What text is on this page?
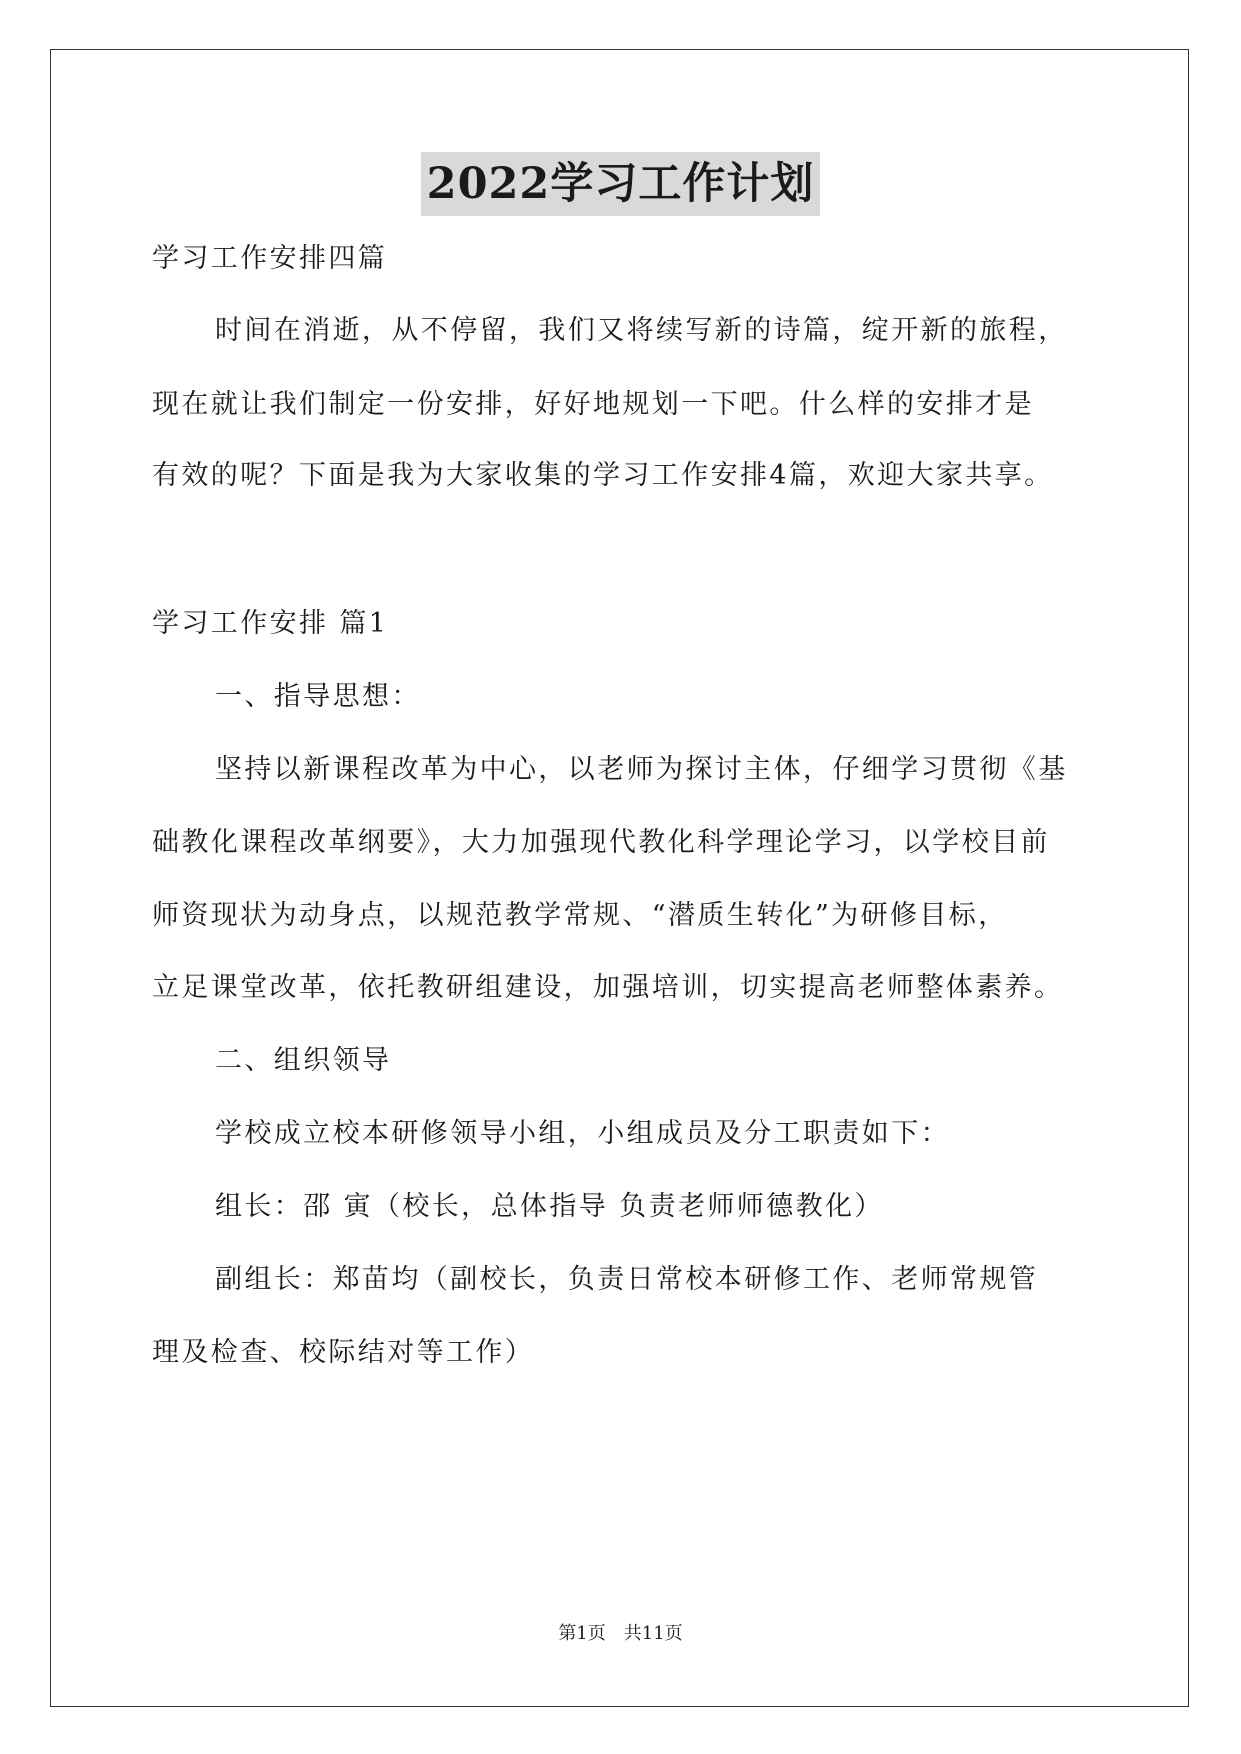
2022学习工作计划
学习工作安排四篇
时间在消逝，从不停留，我们又将续写新的诗篇，绽开新的旅程，
现在就让我们制定一份安排，好好地规划一下吧。什么样的安排才是
有效的呢？下面是我为大家收集的学习工作安排4篇，欢迎大家共享。
学习工作安排 篇1
一、指导思想：
坚持以新课程改革为中心，以老师为探讨主体，仔细学习贯彻《基
础教化课程改革纲要》，大力加强现代教化科学理论学习，以学校目前
师资现状为动身点，以规范教学常规、“潜质生转化”为研修目标，
立足课堂改革，依托教研组建设，加强培训，切实提高老师整体素养。
二、组织领导
学校成立校本研修领导小组，小组成员及分工职责如下：
组长：邵 寅（校长，总体指导 负责老师师德教化）
副组长：郑苗均（副校长，负责日常校本研修工作、老师常规管
理及检查、校际结对等工作）
第1页 共11页
